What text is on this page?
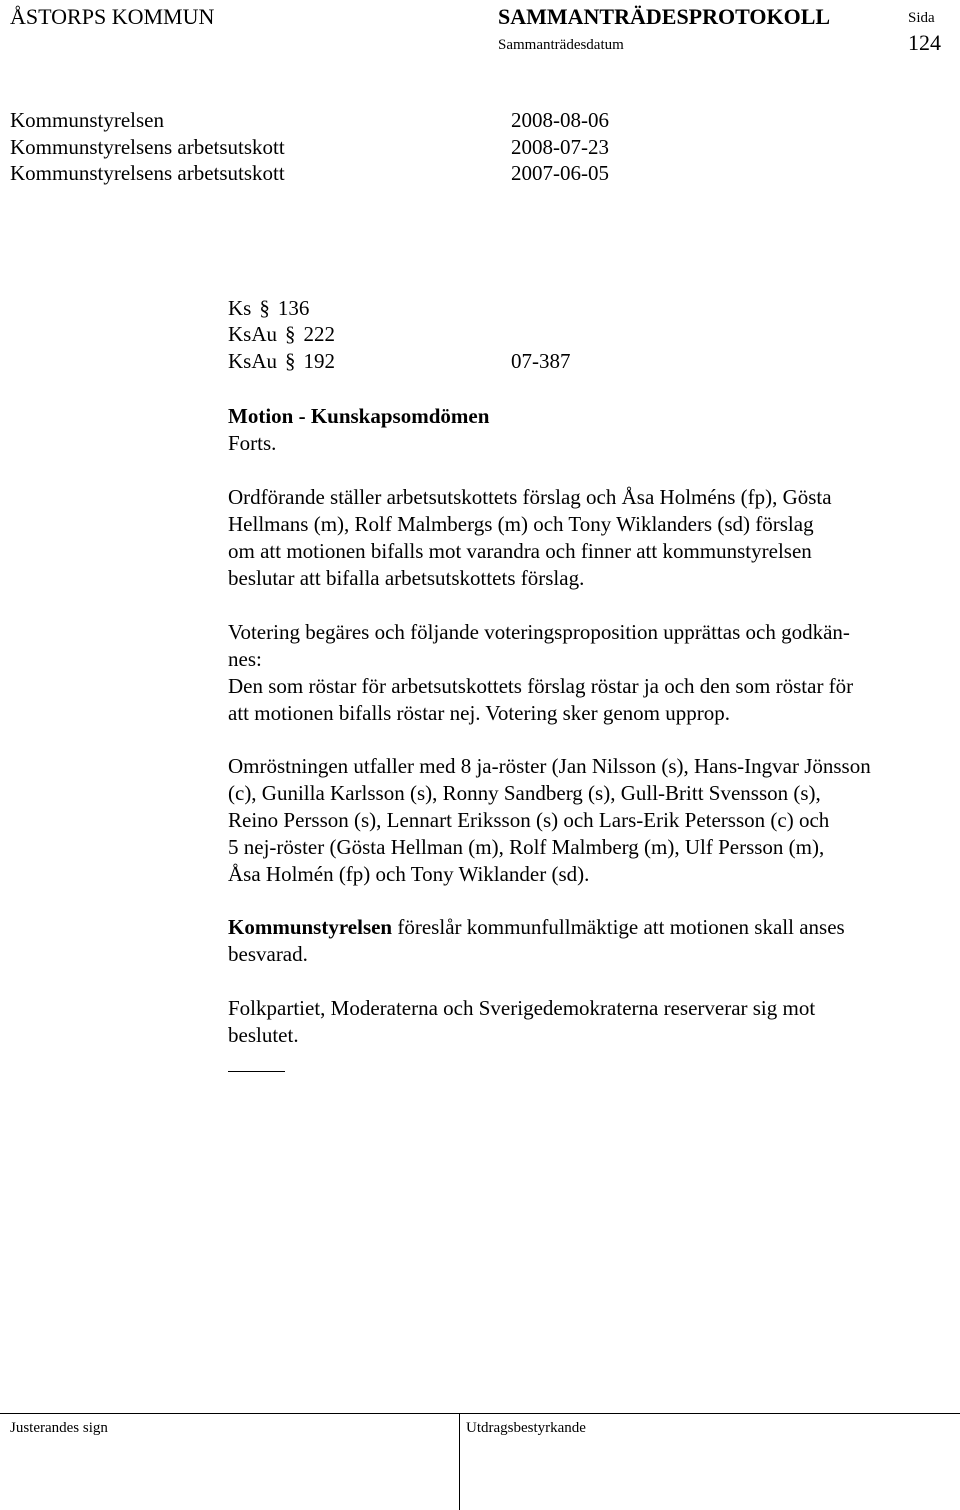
ÅSTORPS KOMMUN	SAMMANTRÄDESPROTOKOLL	Sida
Sammanträdesdatum	124
Kommunstyrelsen	2008-08-06
Kommunstyrelsens arbetsutskott	2008-07-23
Kommunstyrelsens arbetsutskott	2007-06-05
Ks § 136
KsAu § 222
KsAu § 192	07-387
Motion - Kunskapsomdömen
Forts.
Ordförande ställer arbetsutskottets förslag och Åsa Holméns (fp), Gösta
Hellmans (m), Rolf Malmbergs (m) och Tony Wiklanders (sd) förslag
om att motionen bifalls mot varandra och finner att kommunstyrelsen
beslutar att bifalla arbetsutskottets förslag.
Votering begäres och följande voteringsproposition upprättas och godkän-
nes:
Den som röstar för arbetsutskottets förslag röstar ja och den som röstar för
att motionen bifalls röstar nej. Votering sker genom upprop.
Omröstningen utfaller med 8 ja-röster (Jan Nilsson (s), Hans-Ingvar Jönsson
(c), Gunilla Karlsson (s), Ronny Sandberg (s), Gull-Britt Svensson (s),
Reino Persson (s), Lennart Eriksson (s) och Lars-Erik Petersson (c) och
5 nej-röster (Gösta Hellman (m), Rolf Malmberg (m), Ulf Persson (m),
Åsa Holmén (fp) och Tony Wiklander (sd).
Kommunstyrelsen föreslår kommunfullmäktige att motionen skall anses
besvarad.
Folkpartiet, Moderaterna och Sverigedemokraterna reserverar sig mot
beslutet.
Justerandes sign	Utdragsbestyrkande
